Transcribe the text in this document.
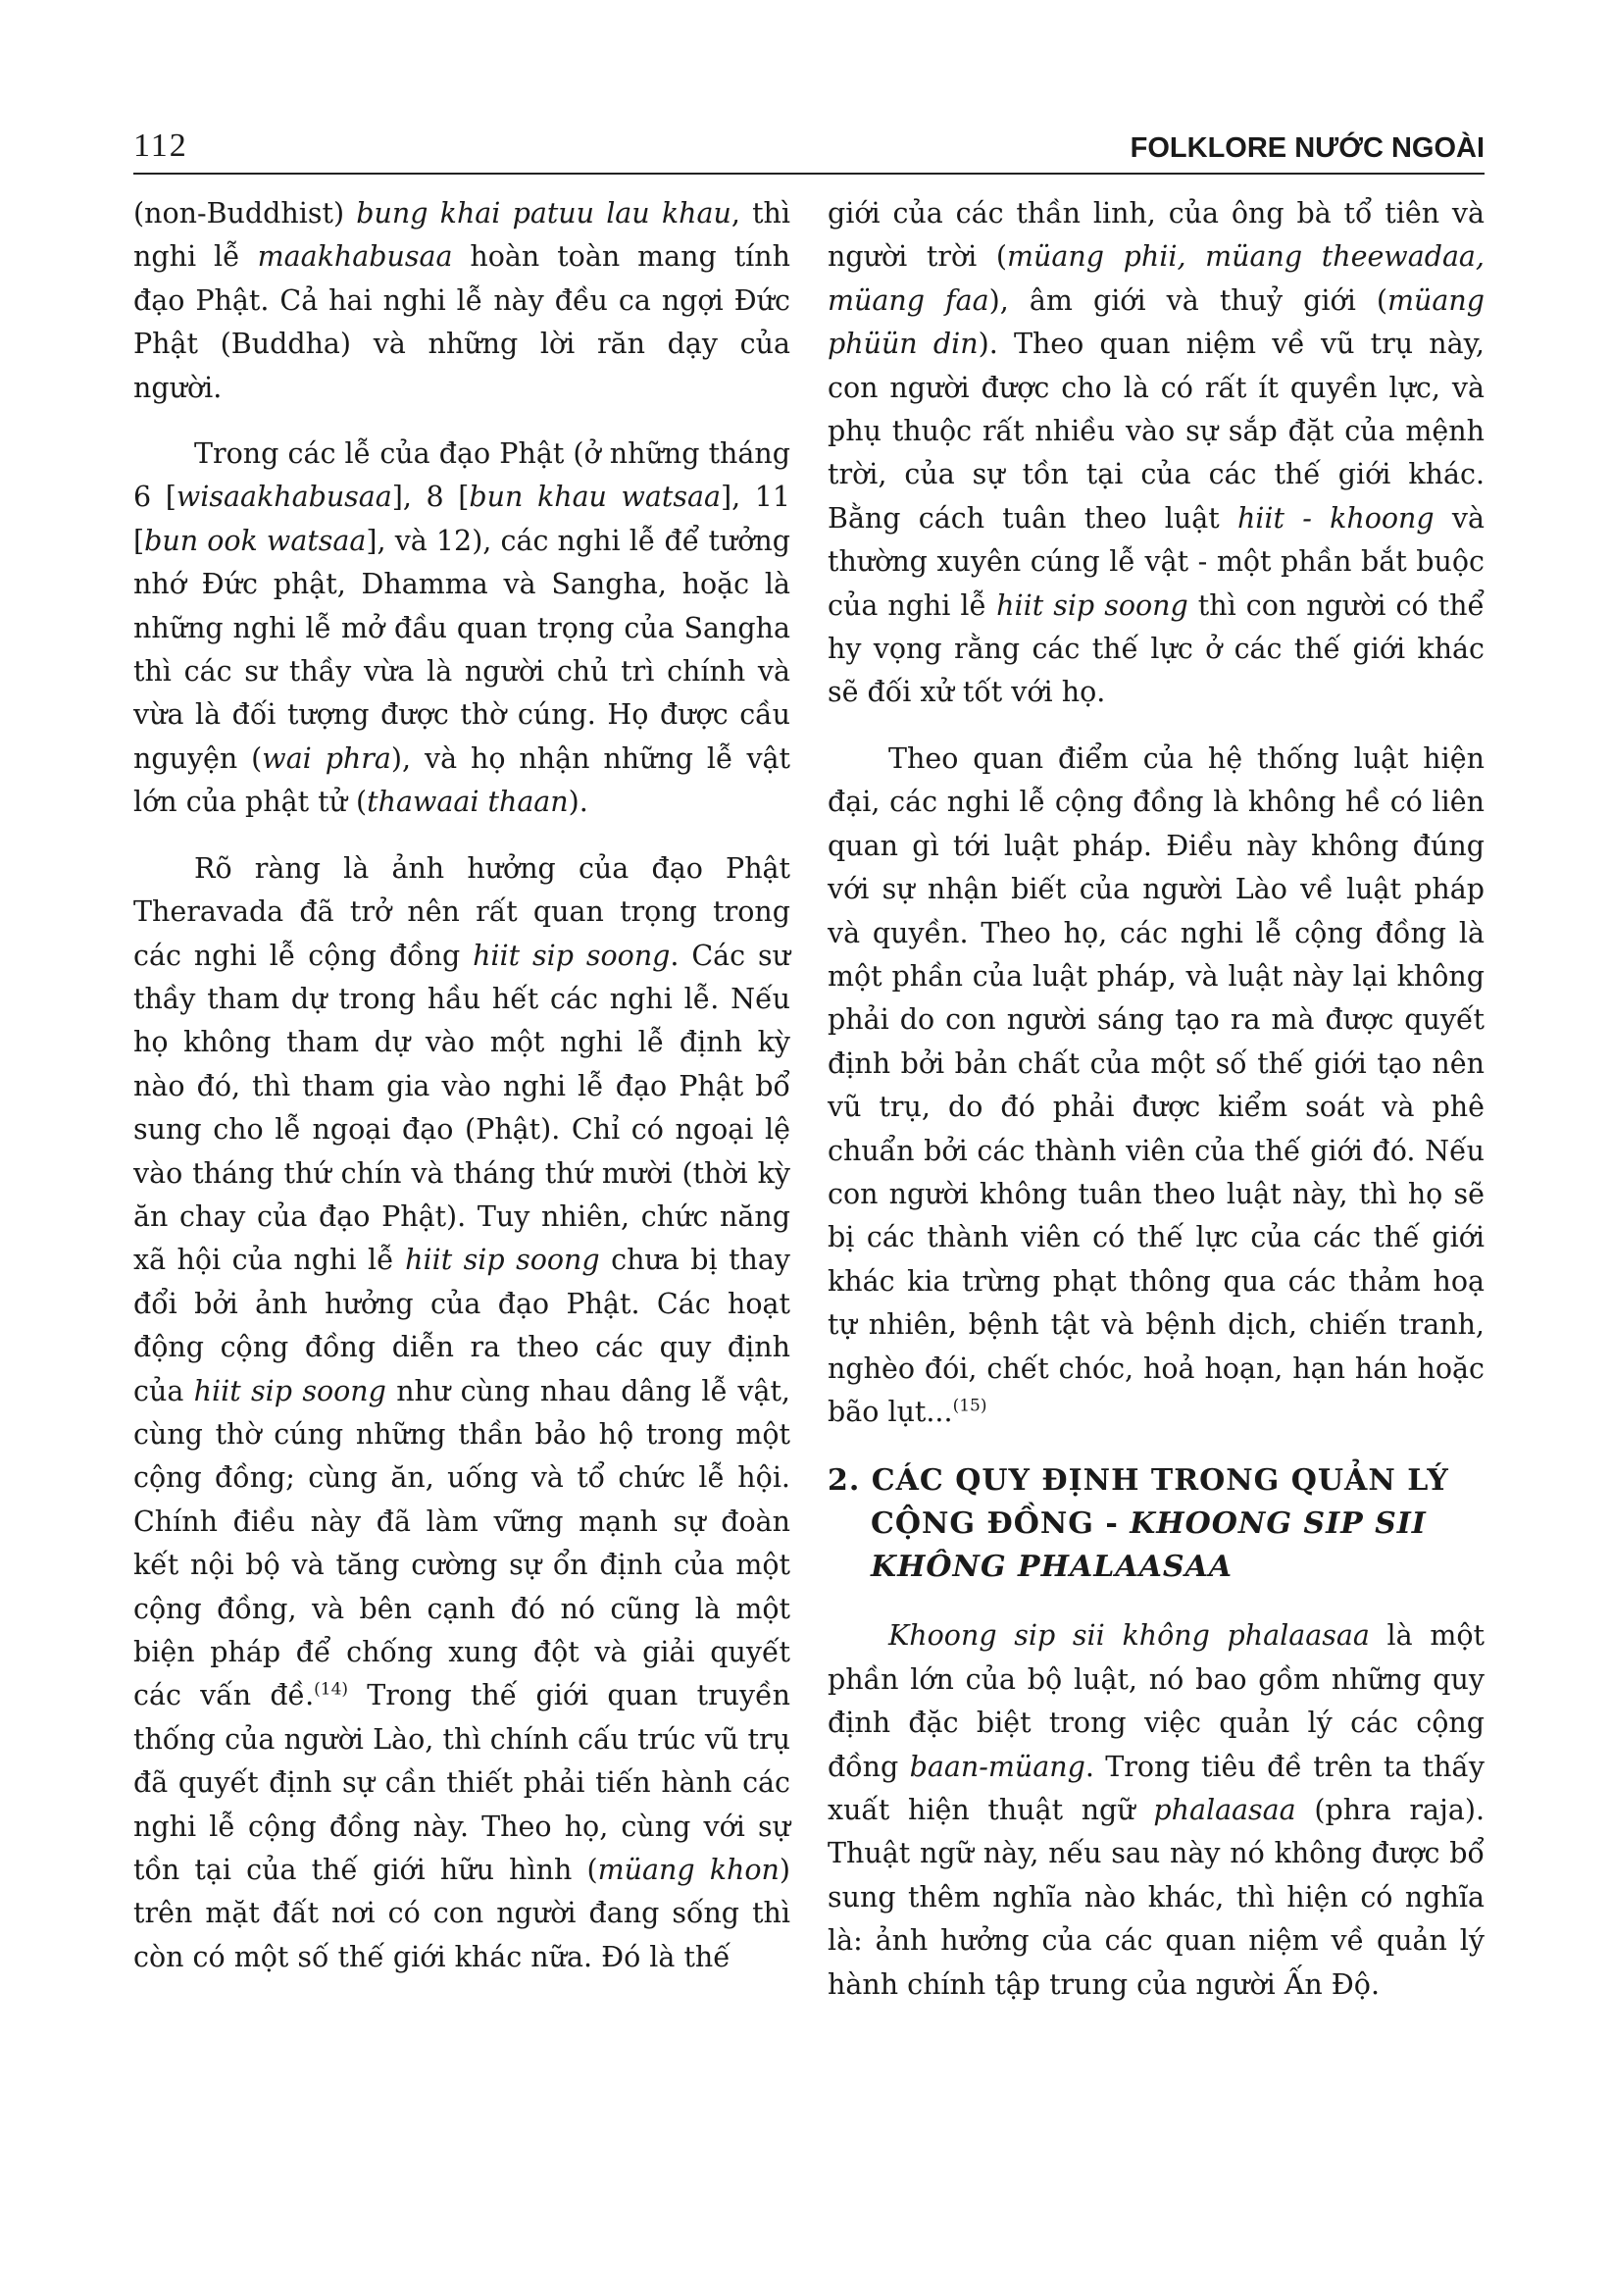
112	FOLKLORE NƯỚC NGOÀI

(non-Buddhist) bung khai patuu lau khau, thì nghi lễ maakhabusaa hoàn toàn mang tính đạo Phật. Cả hai nghi lễ này đều ca ngợi Đức Phật (Buddha) và những lời răn dạy của người.

Trong các lễ của đạo Phật (ở những tháng 6 [wisaakhabusaa], 8 [bun khau watsaa], 11 [bun ook watsaa], và 12), các nghi lễ để tưởng nhớ Đức phật, Dhamma và Sangha, hoặc là những nghi lễ mở đầu quan trọng của Sangha thì các sư thầy vừa là người chủ trì chính và vừa là đối tượng được thờ cúng. Họ được cầu nguyện (wai phra), và họ nhận những lễ vật lớn của phật tử (thawaai thaan).

Rõ ràng là ảnh hưởng của đạo Phật Theravada đã trở nên rất quan trọng trong các nghi lễ cộng đồng hiit sip soong. Các sư thầy tham dự trong hầu hết các nghi lễ. Nếu họ không tham dự vào một nghi lễ định kỳ nào đó, thì tham gia vào nghi lễ đạo Phật bổ sung cho lễ ngoại đạo (Phật). Chỉ có ngoại lệ vào tháng thứ chín và tháng thứ mười (thời kỳ ăn chay của đạo Phật). Tuy nhiên, chức năng xã hội của nghi lễ hiit sip soong chưa bị thay đổi bởi ảnh hưởng của đạo Phật. Các hoạt động cộng đồng diễn ra theo các quy định của hiit sip soong như cùng nhau dâng lễ vật, cùng thờ cúng những thần bảo hộ trong một cộng đồng; cùng ăn, uống và tổ chức lễ hội. Chính điều này đã làm vững mạnh sự đoàn kết nội bộ và tăng cường sự ổn định của một cộng đồng, và bên cạnh đó nó cũng là một biện pháp để chống xung đột và giải quyết các vấn đề.$^{(14)}$ Trong thế giới quan truyền thống của người Lào, thì chính cấu trúc vũ trụ đã quyết định sự cần thiết phải tiến hành các nghi lễ cộng đồng này. Theo họ, cùng với sự tồn tại của thế giới hữu hình (müang khon) trên mặt đất nơi có con người đang sống thì còn có một số thế giới khác nữa. Đó là thế

giới của các thần linh, của ông bà tổ tiên và người trời (müang phii, müang theewadaa, müang faa), âm giới và thuỷ giới (müang phüün din). Theo quan niệm về vũ trụ này, con người được cho là có rất ít quyền lực, và phụ thuộc rất nhiều vào sự sắp đặt của mệnh trời, của sự tồn tại của các thế giới khác. Bằng cách tuân theo luật hiit - khoong và thường xuyên cúng lễ vật - một phần bắt buộc của nghi lễ hiit sip soong thì con người có thể hy vọng rằng các thế lực ở các thế giới khác sẽ đối xử tốt với họ.

Theo quan điểm của hệ thống luật hiện đại, các nghi lễ cộng đồng là không hề có liên quan gì tới luật pháp. Điều này không đúng với sự nhận biết của người Lào về luật pháp và quyền. Theo họ, các nghi lễ cộng đồng là một phần của luật pháp, và luật này lại không phải do con người sáng tạo ra mà được quyết định bởi bản chất của một số thế giới tạo nên vũ trụ, do đó phải được kiểm soát và phê chuẩn bởi các thành viên của thế giới đó. Nếu con người không tuân theo luật này, thì họ sẽ bị các thành viên có thế lực của các thế giới khác kia trừng phạt thông qua các thảm hoạ tự nhiên, bệnh tật và bệnh dịch, chiến tranh, nghèo đói, chết chóc, hoả hoạn, hạn hán hoặc bão lụt...$^{(15)}$

2. CÁC QUY ĐỊNH TRONG QUẢN LÝ CỘNG ĐỒNG - KHOONG SIP SII KHÔNG PHALAASAA

Khoong sip sii không phalaasaa là một phần lớn của bộ luật, nó bao gồm những quy định đặc biệt trong việc quản lý các cộng đồng baan-müang. Trong tiêu đề trên ta thấy xuất hiện thuật ngữ phalaasaa (phra raja). Thuật ngữ này, nếu sau này nó không được bổ sung thêm nghĩa nào khác, thì hiện có nghĩa là: ảnh hưởng của các quan niệm về quản lý hành chính tập trung của người Ấn Độ.
